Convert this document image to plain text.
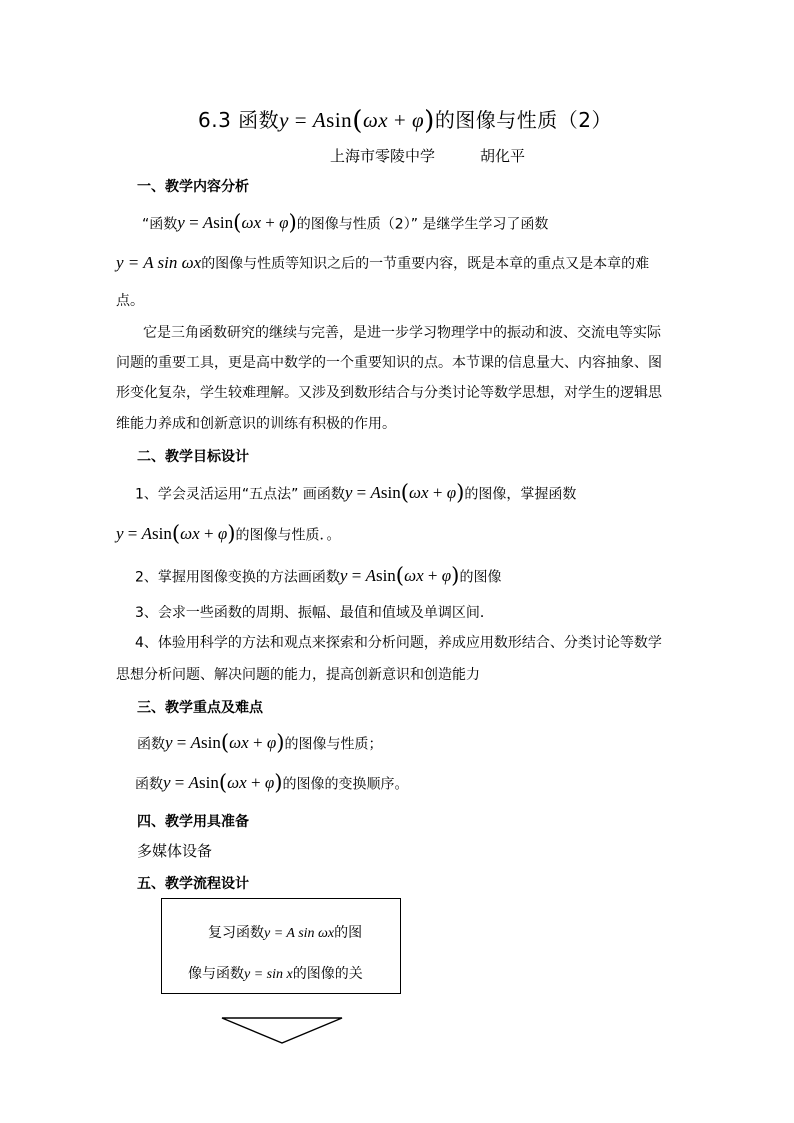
6.3 函数y = Asin(ωx + φ)的图像与性质（2）
上海市零陵中学　　　胡化平
一、教学内容分析
“函数y = Asin(ωx + φ)的图像与性质（2）” 是继学生学习了函数
y = A sin ωx的图像与性质等知识之后的一节重要内容，既是本章的重点又是本章的难
点。
它是三角函数研究的继续与完善，是进一步学习物理学中的振动和波、交流电等实际
问题的重要工具，更是高中数学的一个重要知识的点。本节课的信息量大、内容抽象、图
形变化复杂，学生较难理解。又涉及到数形结合与分类讨论等数学思想，对学生的逻辑思
维能力养成和创新意识的训练有积极的作用。
二、教学目标设计
1、学会灵活运用“五点法” 画函数y = Asin(ωx + φ)的图像，掌握函数
y = Asin(ωx + φ)的图像与性质．。
2、掌握用图像变换的方法画函数y = Asin(ωx + φ)的图像
3、会求一些函数的周期、振幅、最值和值域及单调区间．
4、体验用科学的方法和观点来探索和分析问题，养成应用数形结合、分类讨论等数学
思想分析问题、解决问题的能力，提高创新意识和创造能力
三、教学重点及难点
函数y = Asin(ωx + φ)的图像与性质；
函数y = Asin(ωx + φ)的图像的变换顺序。
四、教学用具准备
多媒体设备
五、教学流程设计
复习函数y = A sin ωx的图
像与函数y = sin x的图像的关
